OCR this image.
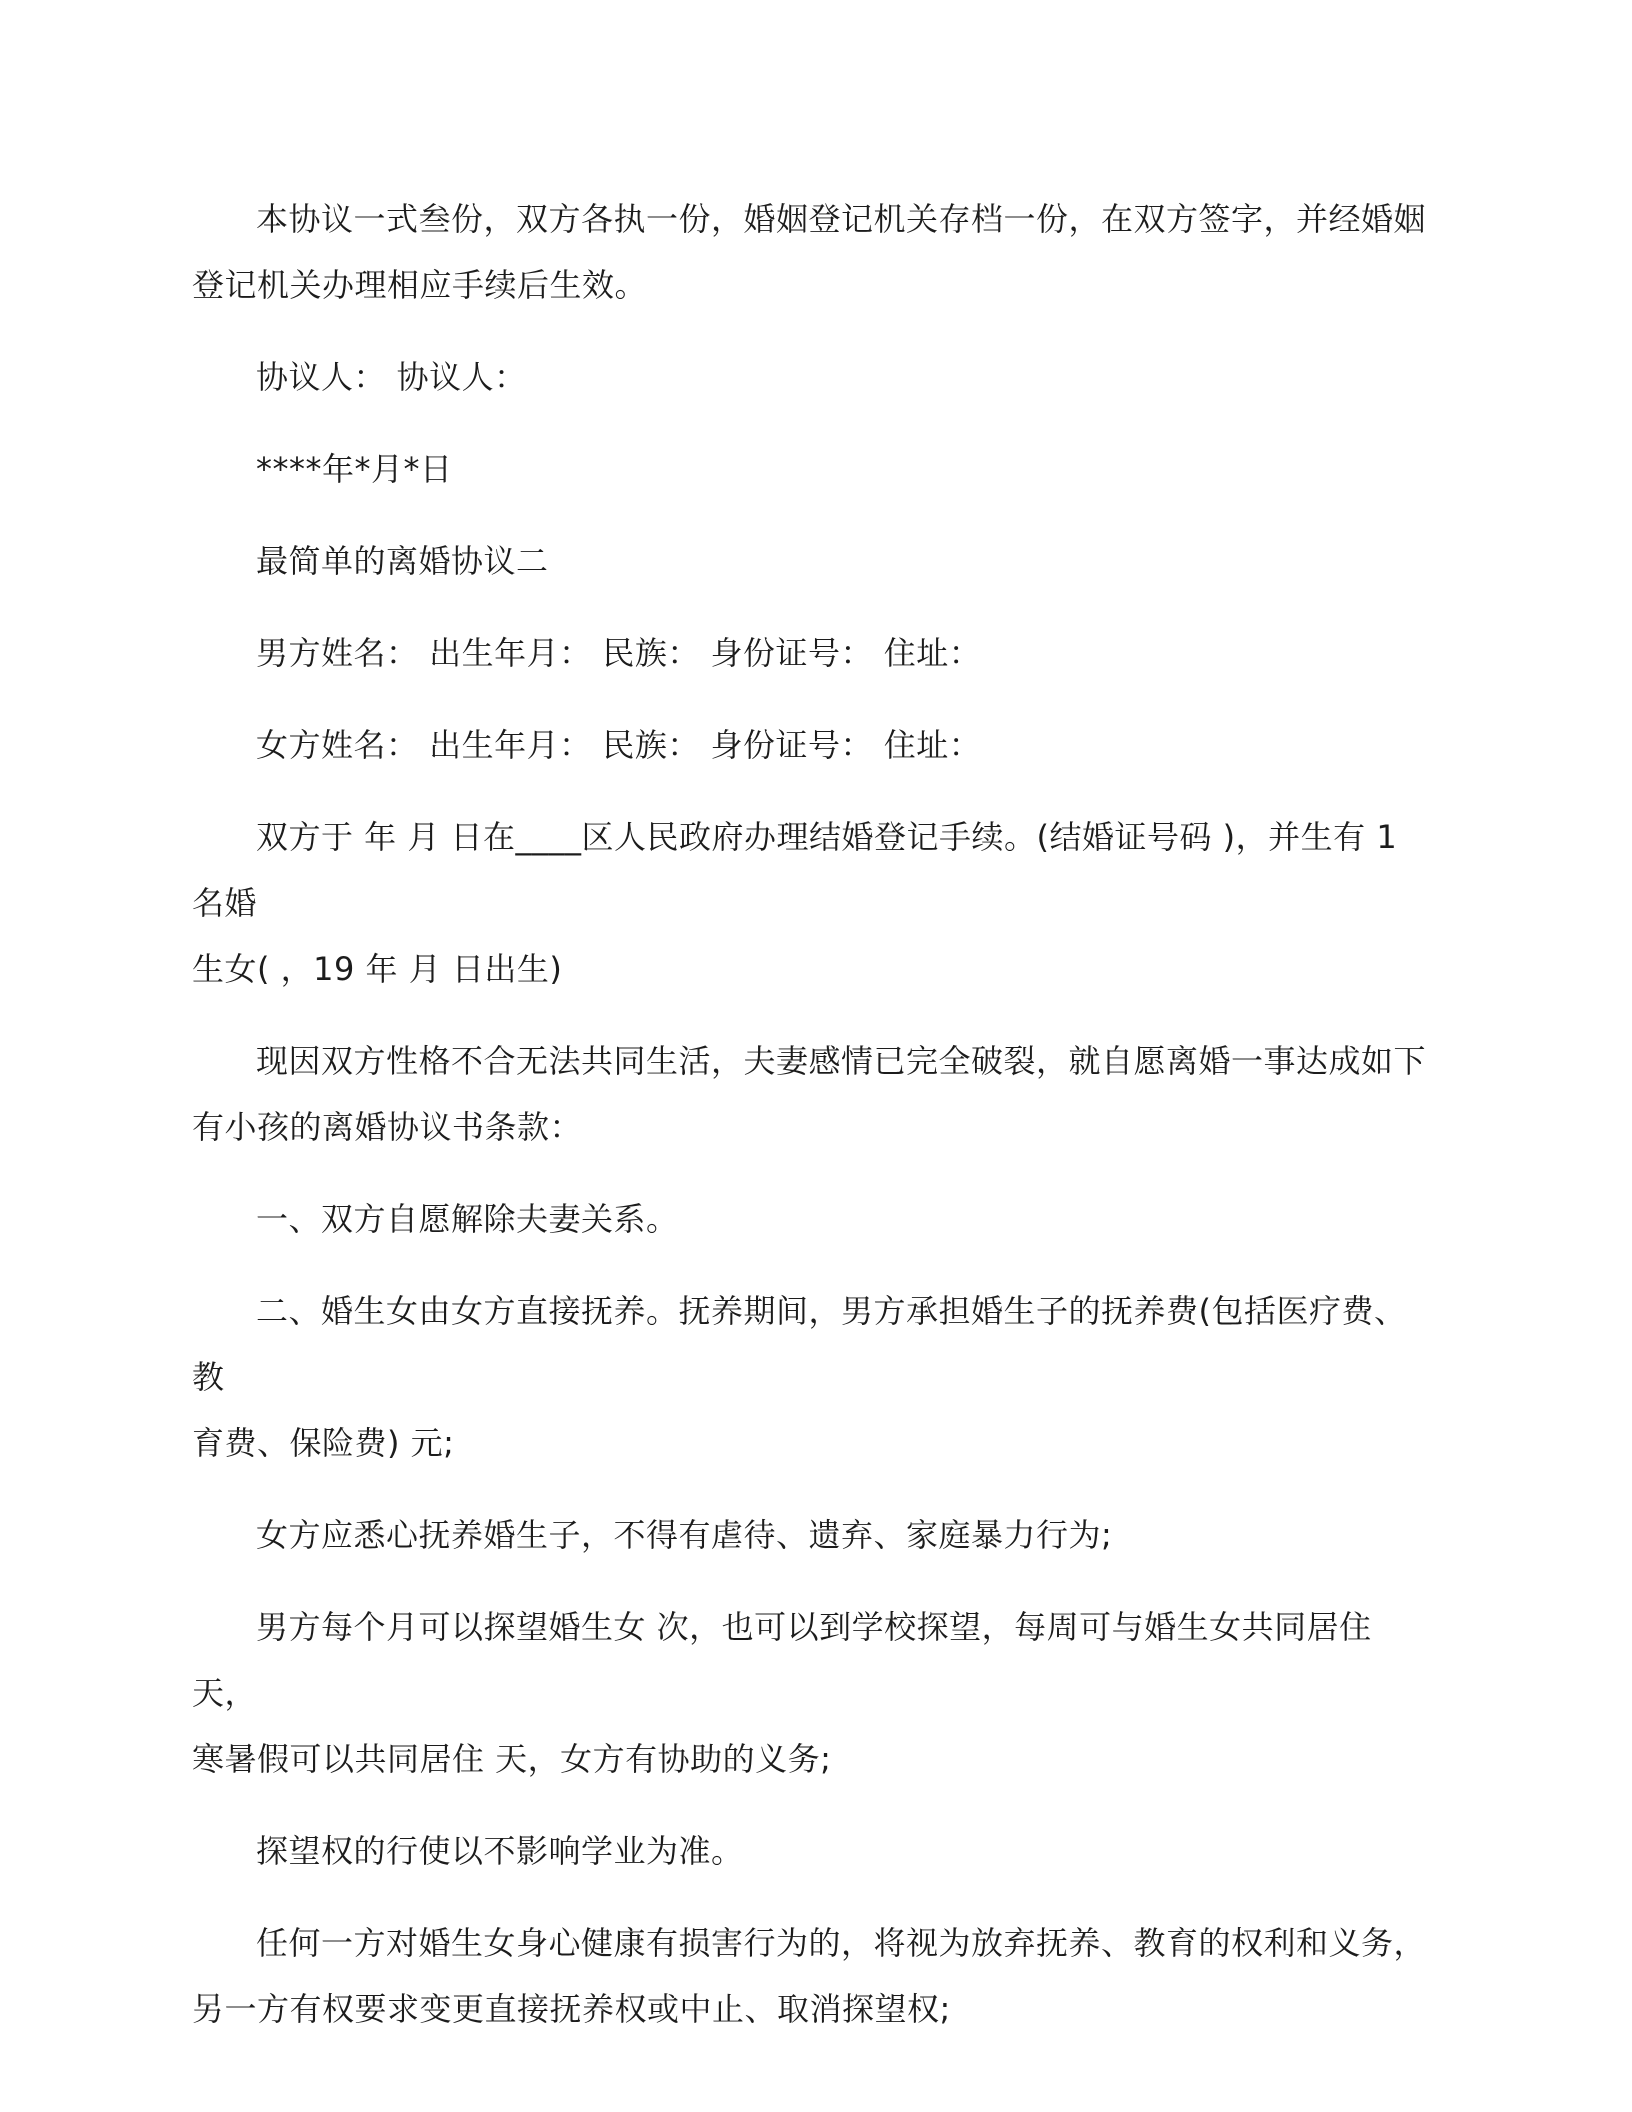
本协议一式叁份，双方各执一份，婚姻登记机关存档一份，在双方签字，并经婚姻
登记机关办理相应手续后生效。

协议人： 协议人：

****年*月*日

最简单的离婚协议二

男方姓名： 出生年月： 民族： 身份证号： 住址：

女方姓名： 出生年月： 民族： 身份证号： 住址：

双方于 年 月 日在____区人民政府办理结婚登记手续。(结婚证号码 )，并生有 1 名婚
生女( ，19 年 月 日出生)

现因双方性格不合无法共同生活，夫妻感情已完全破裂，就自愿离婚一事达成如下
有小孩的离婚协议书条款：

一、双方自愿解除夫妻关系。

二、婚生女由女方直接抚养。抚养期间，男方承担婚生子的抚养费(包括医疗费、教
育费、保险费) 元;

女方应悉心抚养婚生子，不得有虐待、遗弃、家庭暴力行为;

男方每个月可以探望婚生女 次，也可以到学校探望，每周可与婚生女共同居住 天，
寒暑假可以共同居住 天，女方有协助的义务;

探望权的行使以不影响学业为准。

任何一方对婚生女身心健康有损害行为的，将视为放弃抚养、教育的权利和义务，
另一方有权要求变更直接抚养权或中止、取消探望权;
